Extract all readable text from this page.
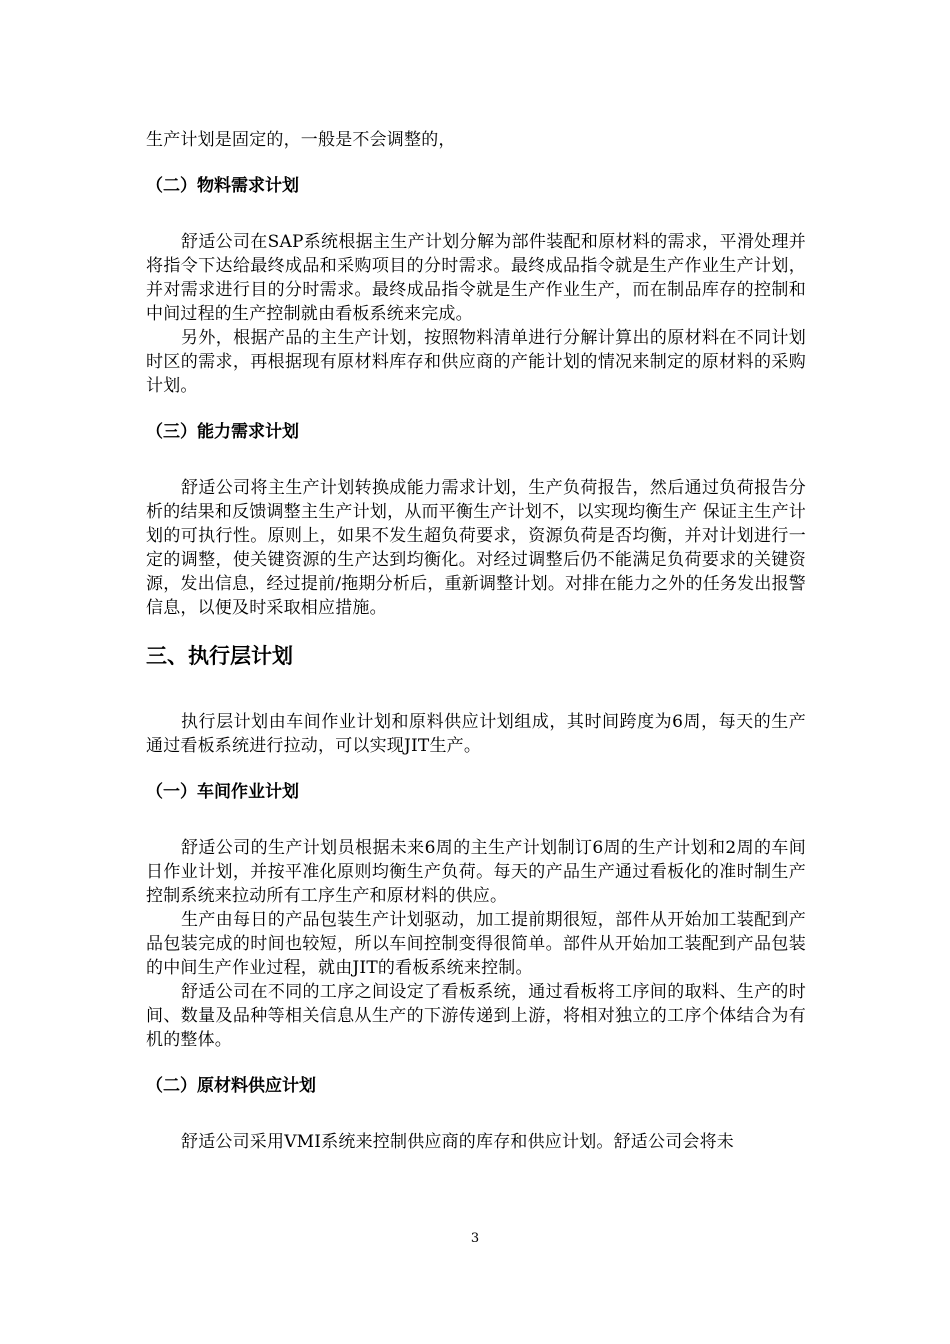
生产计划是固定的，一般是不会调整的，

（二）物料需求计划

舒适公司在SAP系统根据主生产计划分解为部件装配和原材料的需求，平滑处理并将指令下达给最终成品和采购项目的分时需求。最终成品指令就是生产作业生产计划，并对需求进行目的分时需求。最终成品指令就是生产作业生产，而在制品库存的控制和中间过程的生产控制就由看板系统来完成。

另外，根据产品的主生产计划，按照物料清单进行分解计算出的原材料在不同计划时区的需求，再根据现有原材料库存和供应商的产能计划的情况来制定的原材料的采购计划。

（三）能力需求计划

舒适公司将主生产计划转换成能力需求计划，生产负荷报告，然后通过负荷报告分析的结果和反馈调整主生产计划，从而平衡生产计划不，以实现均衡生产 保证主生产计划的可执行性。原则上，如果不发生超负荷要求，资源负荷是否均衡，并对计划进行一定的调整，使关键资源的生产达到均衡化。对经过调整后仍不能满足负荷要求的关键资源，发出信息，经过提前/拖期分析后，重新调整计划。对排在能力之外的任务发出报警信息，以便及时采取相应措施。

三、执行层计划

执行层计划由车间作业计划和原料供应计划组成，其时间跨度为6周，每天的生产通过看板系统进行拉动，可以实现JIT生产。

（一）车间作业计划

舒适公司的生产计划员根据未来6周的主生产计划制订6周的生产计划和2周的车间日作业计划，并按平准化原则均衡生产负荷。每天的产品生产通过看板化的准时制生产控制系统来拉动所有工序生产和原材料的供应。

生产由每日的产品包装生产计划驱动，加工提前期很短，部件从开始加工装配到产品包装完成的时间也较短，所以车间控制变得很简单。部件从开始加工装配到产品包装的中间生产作业过程，就由JIT的看板系统来控制。

舒适公司在不同的工序之间设定了看板系统，通过看板将工序间的取料、生产的时间、数量及品种等相关信息从生产的下游传递到上游，将相对独立的工序个体结合为有机的整体。

（二）原材料供应计划

舒适公司采用VMI系统来控制供应商的库存和供应计划。舒适公司会将未

3
